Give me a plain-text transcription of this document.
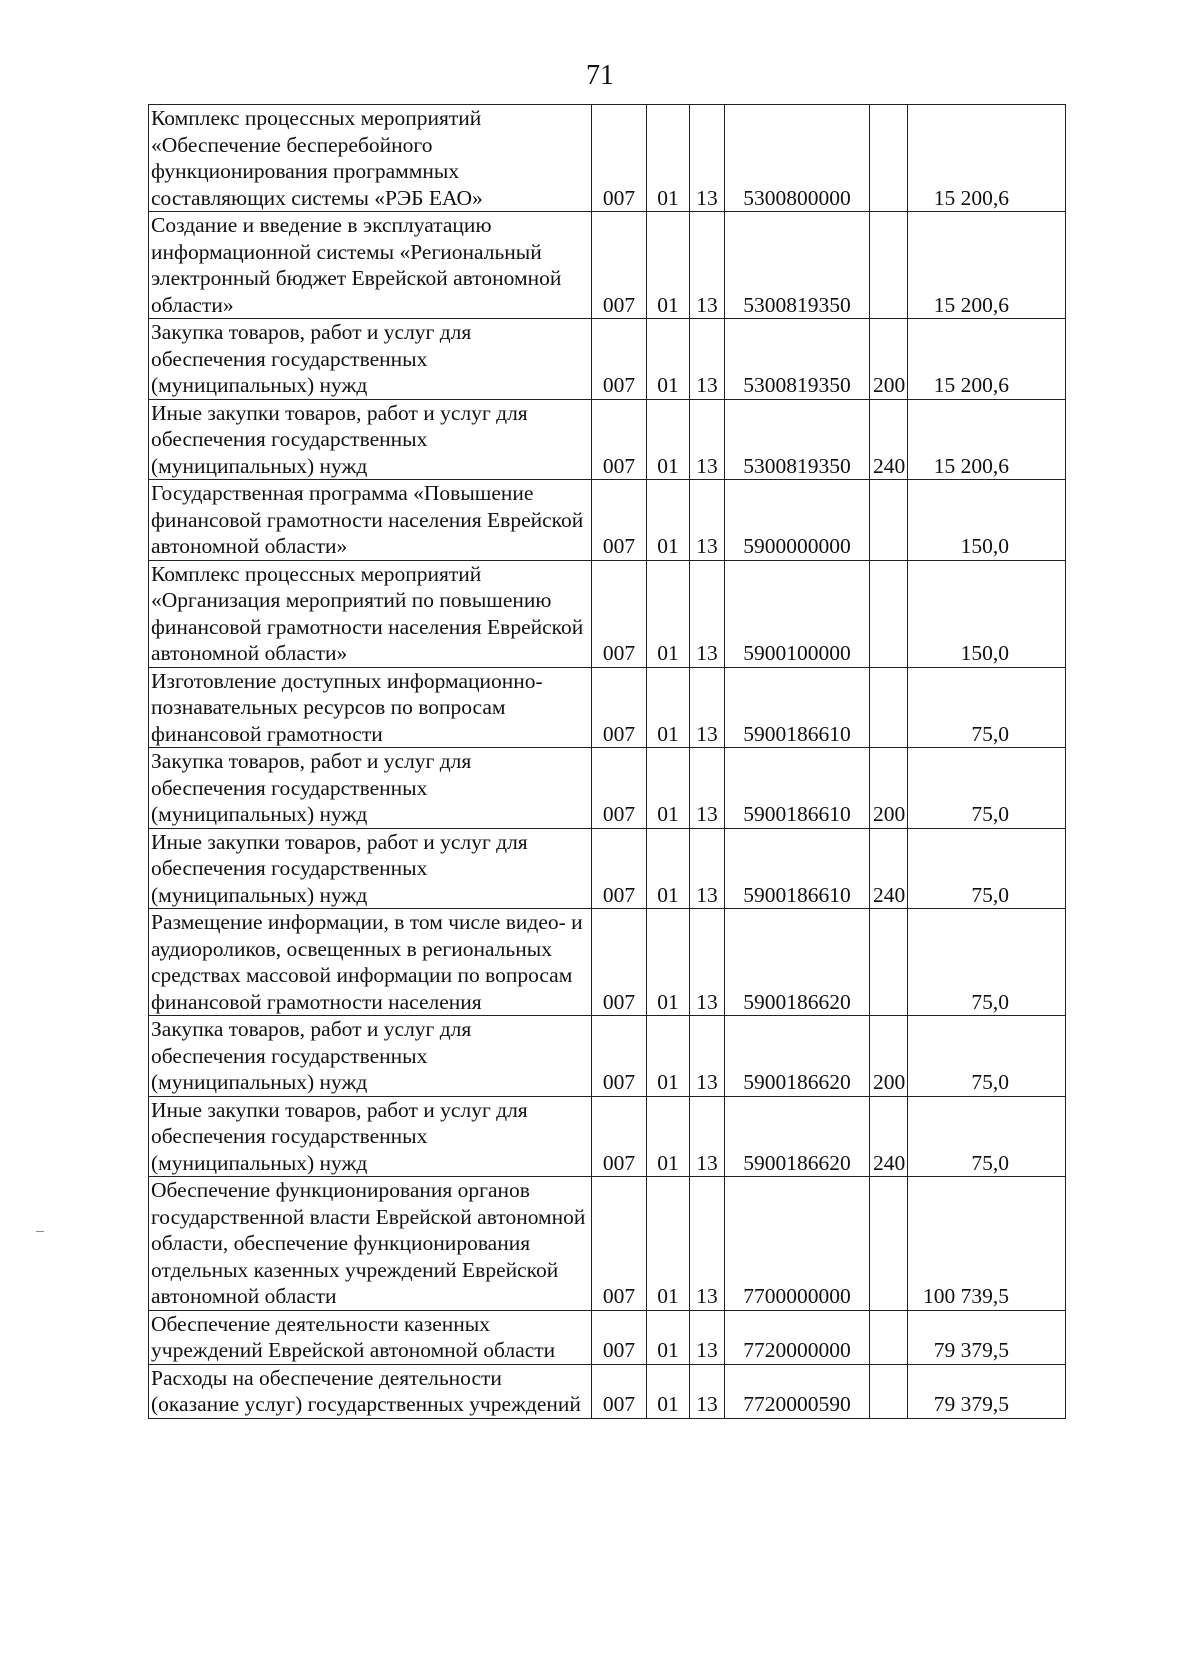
71
Комплекс процессных мероприятий «Обеспечение бесперебойного функционирования программных составляющих системы «РЭБ ЕАО»	007	01	13	5300800000		15 200,6
Создание и введение в эксплуатацию информационной системы «Региональный электронный бюджет Еврейской автономной области»	007	01	13	5300819350		15 200,6
Закупка товаров, работ и услуг для обеспечения государственных (муниципальных) нужд	007	01	13	5300819350	200	15 200,6
Иные закупки товаров, работ и услуг для обеспечения государственных (муниципальных) нужд	007	01	13	5300819350	240	15 200,6
Государственная программа «Повышение финансовой грамотности населения Еврейской автономной области»	007	01	13	5900000000		150,0
Комплекс процессных мероприятий «Организация мероприятий по повышению финансовой грамотности населения Еврейской автономной области»	007	01	13	5900100000		150,0
Изготовление доступных информационно-познавательных ресурсов по вопросам финансовой грамотности	007	01	13	5900186610		75,0
Закупка товаров, работ и услуг для обеспечения государственных (муниципальных) нужд	007	01	13	5900186610	200	75,0
Иные закупки товаров, работ и услуг для обеспечения государственных (муниципальных) нужд	007	01	13	5900186610	240	75,0
Размещение информации, в том числе видео- и аудиороликов, освещенных в региональных средствах массовой информации по вопросам финансовой грамотности населения	007	01	13	5900186620		75,0
Закупка товаров, работ и услуг для обеспечения государственных (муниципальных) нужд	007	01	13	5900186620	200	75,0
Иные закупки товаров, работ и услуг для обеспечения государственных (муниципальных) нужд	007	01	13	5900186620	240	75,0
Обеспечение функционирования органов государственной власти Еврейской автономной области, обеспечение функционирования отдельных казенных учреждений Еврейской автономной области	007	01	13	7700000000		100 739,5
Обеспечение деятельности казенных учреждений Еврейской автономной области	007	01	13	7720000000		79 379,5
Расходы на обеспечение деятельности (оказание услуг) государственных учреждений	007	01	13	7720000590		79 379,5
